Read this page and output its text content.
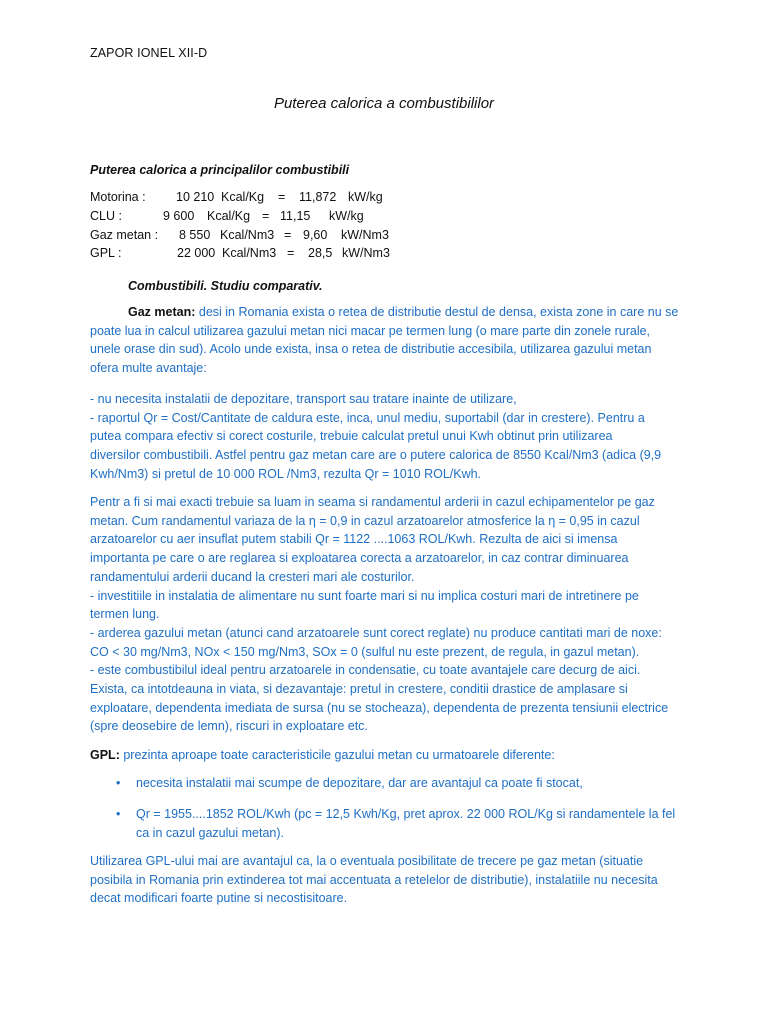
ZAPOR IONEL XII-D
Puterea calorica a combustibililor
Puterea calorica a principalilor combustibili
Motorina : 10 210 Kcal/Kg = 11,872 kW/kg
CLU :	9 600 Kcal/Kg = 11,15 kW/kg
Gaz metan : 8 550 Kcal/Nm3 = 9,60 kW/Nm3
GPL :	22 000 Kcal/Nm3 = 28,5 kW/Nm3
Combustibili. Studiu comparativ.
Gaz metan: desi in Romania exista o retea de distributie destul de densa, exista zone in care nu se
poate lua in calcul utilizarea gazului metan nici macar pe termen lung (o mare parte din zonele rurale,
unele orase din sud). Acolo unde exista, insa o retea de distributie accesibila, utilizarea gazului metan
ofera multe avantaje:
- nu necesita instalatii de depozitare, transport sau tratare inainte de utilizare,
- raportul Qr = Cost/Cantitate de caldura este, inca, unul mediu, suportabil (dar in crestere). Pentru a
putea compara efectiv si corect costurile, trebuie calculat pretul unui Kwh obtinut prin utilizarea
diversilor combustibili. Astfel pentru gaz metan care are o putere calorica de 8550 Kcal/Nm3 (adica (9,9
Kwh/Nm3) si pretul de 10 000 ROL /Nm3, rezulta Qr = 1010 ROL/Kwh.
Pentr a fi si mai exacti trebuie sa luam in seama si randamentul arderii in cazul echipamentelor pe gaz
metan. Cum randamentul variaza de la η = 0,9 in cazul arzatoarelor atmosferice la η = 0,95 in cazul
arzatoarelor cu aer insuflat putem stabili Qr = 1122 ....1063 ROL/Kwh. Rezulta de aici si imensa
importanta pe care o are reglarea si exploatarea corecta a arzatoarelor, in caz contrar diminuarea
randamentului arderii ducand la cresteri mari ale costurilor.
- investitiile in instalatia de alimentare nu sunt foarte mari si nu implica costuri mari de intretinere pe
termen lung.
- arderea gazului metan (atunci cand arzatoarele sunt corect reglate) nu produce cantitati mari de noxe:
CO < 30 mg/Nm3, NOx < 150 mg/Nm3, SOx = 0 (sulful nu este prezent, de regula, in gazul metan).
- este combustibilul ideal pentru arzatoarele in condensatie, cu toate avantajele care decurg de aici.
Exista, ca intotdeauna in viata, si dezavantaje: pretul in crestere, conditii drastice de amplasare si
exploatare, dependenta imediata de sursa (nu se stocheaza), dependenta de prezenta tensiunii electrice
(spre deosebire de lemn), riscuri in exploatare etc.
GPL: prezinta aproape toate caracteristicile gazului metan cu urmatoarele diferente:
• necesita instalatii mai scumpe de depozitare, dar are avantajul ca poate fi stocat,
• Qr = 1955....1852 ROL/Kwh (pc = 12,5 Kwh/Kg, pret aprox. 22 000 ROL/Kg si randamentele la fel
ca in cazul gazului metan).
Utilizarea GPL-ului mai are avantajul ca, la o eventuala posibilitate de trecere pe gaz metan (situatie
posibila in Romania prin extinderea tot mai accentuata a retelelor de distributie), instalatiile nu necesita
decat modificari foarte putine si necostisitoare.
